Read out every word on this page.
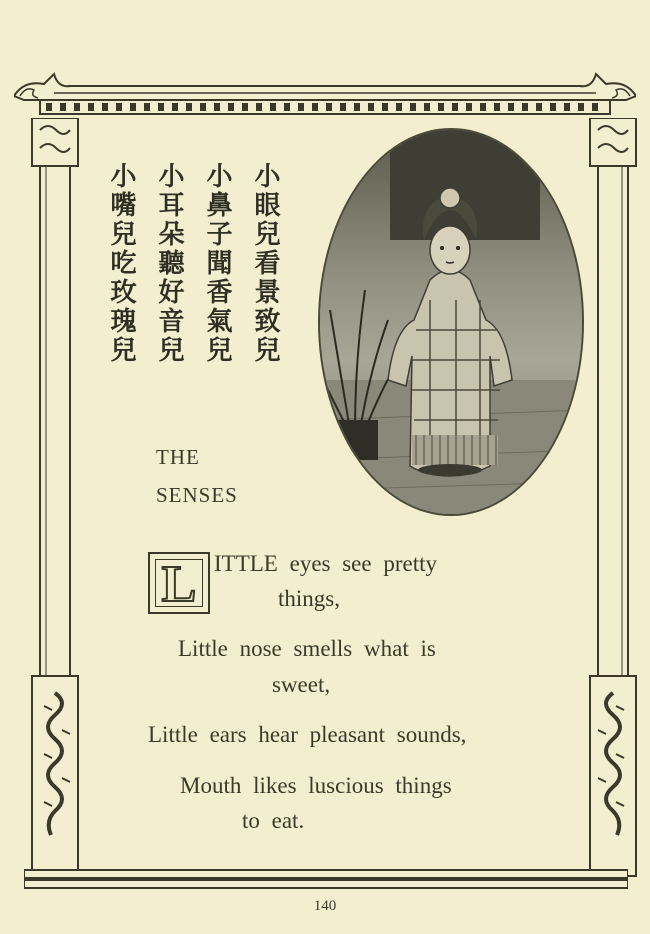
小眼兒看景致兒
小鼻子聞香氣兒
小耳朵聽好音兒
小嘴兒吃玫瑰兒
THE
SENSES
L ITTLE eyes see pretty
things,
Little nose smells what is
sweet,
Little ears hear pleasant sounds,
Mouth likes luscious things
to eat.
140
